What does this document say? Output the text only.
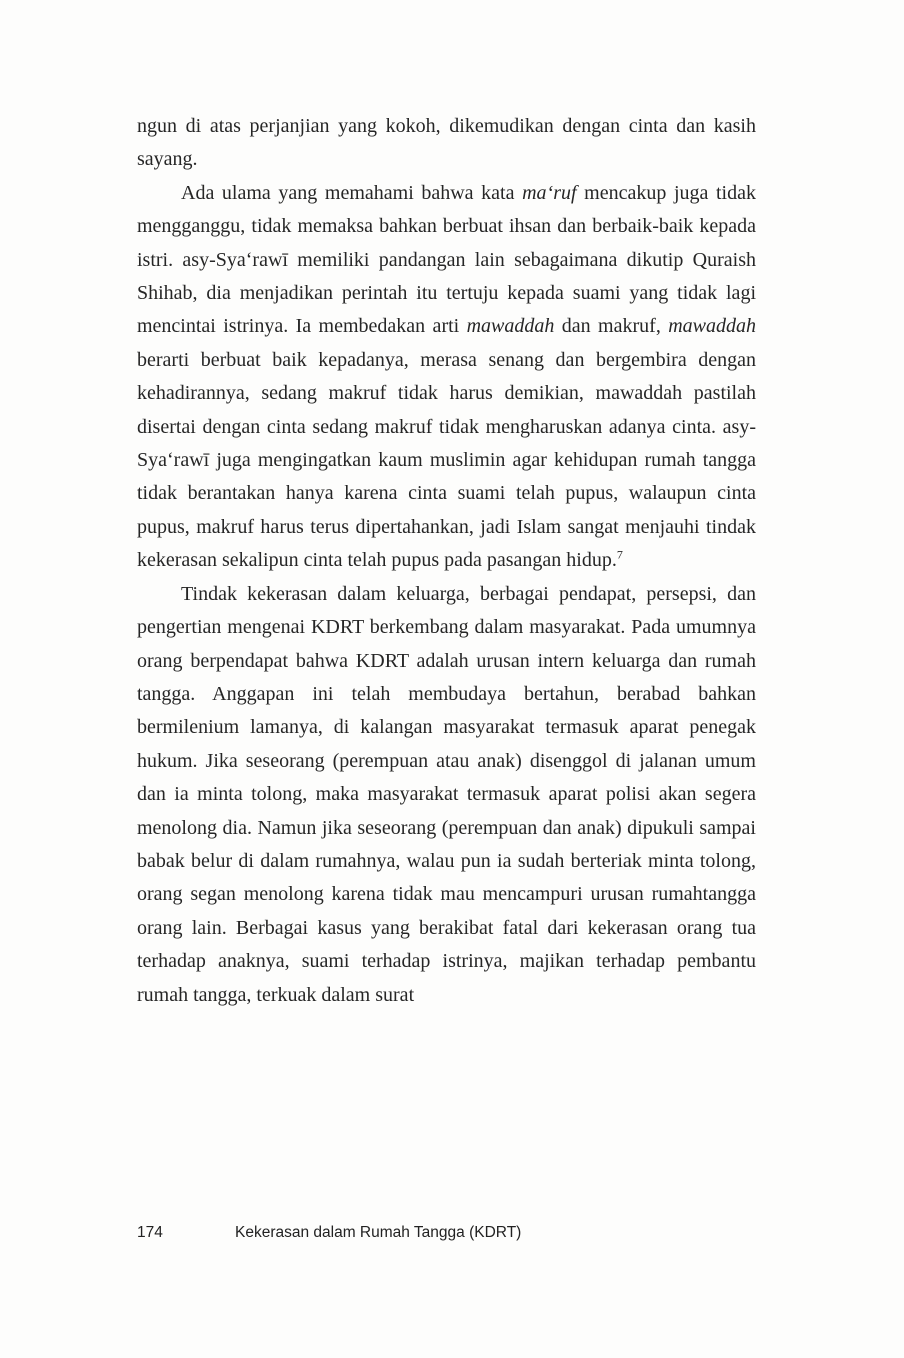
ngun di atas perjanjian yang kokoh, dikemudikan dengan cinta dan kasih sayang.

Ada ulama yang memahami bahwa kata maʻruf mencakup juga tidak mengganggu, tidak memaksa bahkan berbuat ihsan dan berbaik-baik kepada istri. asy-Syaʻrawī memiliki pandangan lain sebagaimana dikutip Quraish Shihab, dia menjadikan perintah itu tertuju kepada suami yang tidak lagi mencintai istrinya. Ia membedakan arti mawaddah dan makruf, mawaddah berarti berbuat baik kepadanya, merasa senang dan bergembira dengan kehadirannya, sedang makruf tidak harus demikian, mawaddah pastilah disertai dengan cinta sedang makruf tidak mengharuskan adanya cinta. asy-Syaʻrawī juga mengingatkan kaum muslimin agar kehidupan rumah tangga tidak berantakan hanya karena cinta suami telah pupus, walaupun cinta pupus, makruf harus terus dipertahankan, jadi Islam sangat menjauhi tindak kekerasan sekalipun cinta telah pupus pada pasangan hidup.$^7$

Tindak kekerasan dalam keluarga, berbagai pendapat, persepsi, dan pengertian mengenai KDRT berkembang dalam masyarakat. Pada umumnya orang berpendapat bahwa KDRT adalah urusan intern keluarga dan rumah tangga. Anggapan ini telah membudaya bertahun, berabad bahkan bermilenium lamanya, di kalangan masyarakat termasuk aparat penegak hukum. Jika seseorang (perempuan atau anak) disenggol di jalanan umum dan ia minta tolong, maka masyarakat termasuk aparat polisi akan segera menolong dia. Namun jika seseorang (perempuan dan anak) dipukuli sampai babak belur di dalam rumahnya, walau pun ia sudah berteriak minta tolong, orang segan menolong karena tidak mau mencampuri urusan rumahtangga orang lain. Berbagai kasus yang berakibat fatal dari kekerasan orang tua terhadap anaknya, suami terhadap istrinya, majikan terhadap pembantu rumah tangga, terkuak dalam surat

174	Kekerasan dalam Rumah Tangga (KDRT)
